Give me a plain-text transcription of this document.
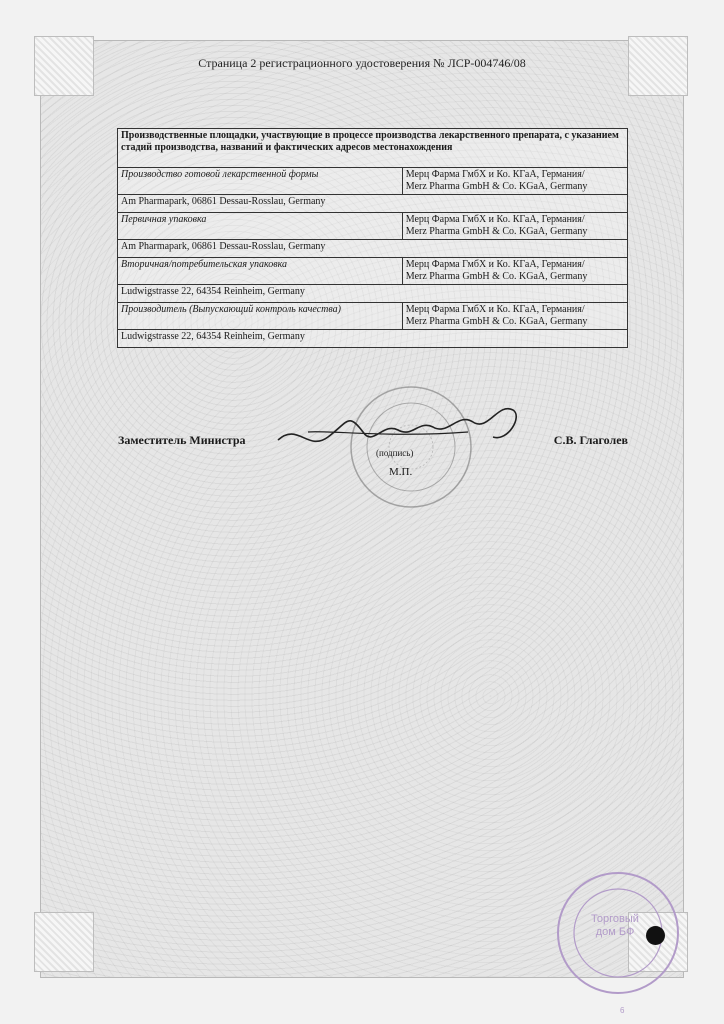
Страница 2 регистрационного удостоверения № ЛСР-004746/08
Производственные площадки, участвующие в процессе производства лекарственного препарата, с указанием стадий производства, названий и фактических адресов местонахождения	
Производство готовой лекарственной формы	Мерц Фарма ГмбХ и Ко. КГаА, Германия/
Merz Pharma GmbH & Co. KGaA, Germany

Am Pharmapark, 06861 Dessau-Rosslau, Germany	
Первичная упаковка	Мерц Фарма ГмбХ и Ко. КГаА, Германия/
Merz Pharma GmbH & Co. KGaA, Germany

Am Pharmapark, 06861 Dessau-Rosslau, Germany	
Вторичная/потребительская упаковка	Мерц Фарма ГмбХ и Ко. КГаА, Германия/
Merz Pharma GmbH & Co. KGaA, Germany

Ludwigstrasse 22, 64354 Reinheim, Germany	
Производитель (Выпускающий контроль качества)	Мерц Фарма ГмбХ и Ко. КГаА, Германия/
Merz Pharma GmbH & Co. KGaA, Germany

Ludwigstrasse 22, 64354 Reinheim, Germany	
Заместитель Министра	С.В. Глаголев
(подпись)
М.П.
Торговый
дом БФ
6
